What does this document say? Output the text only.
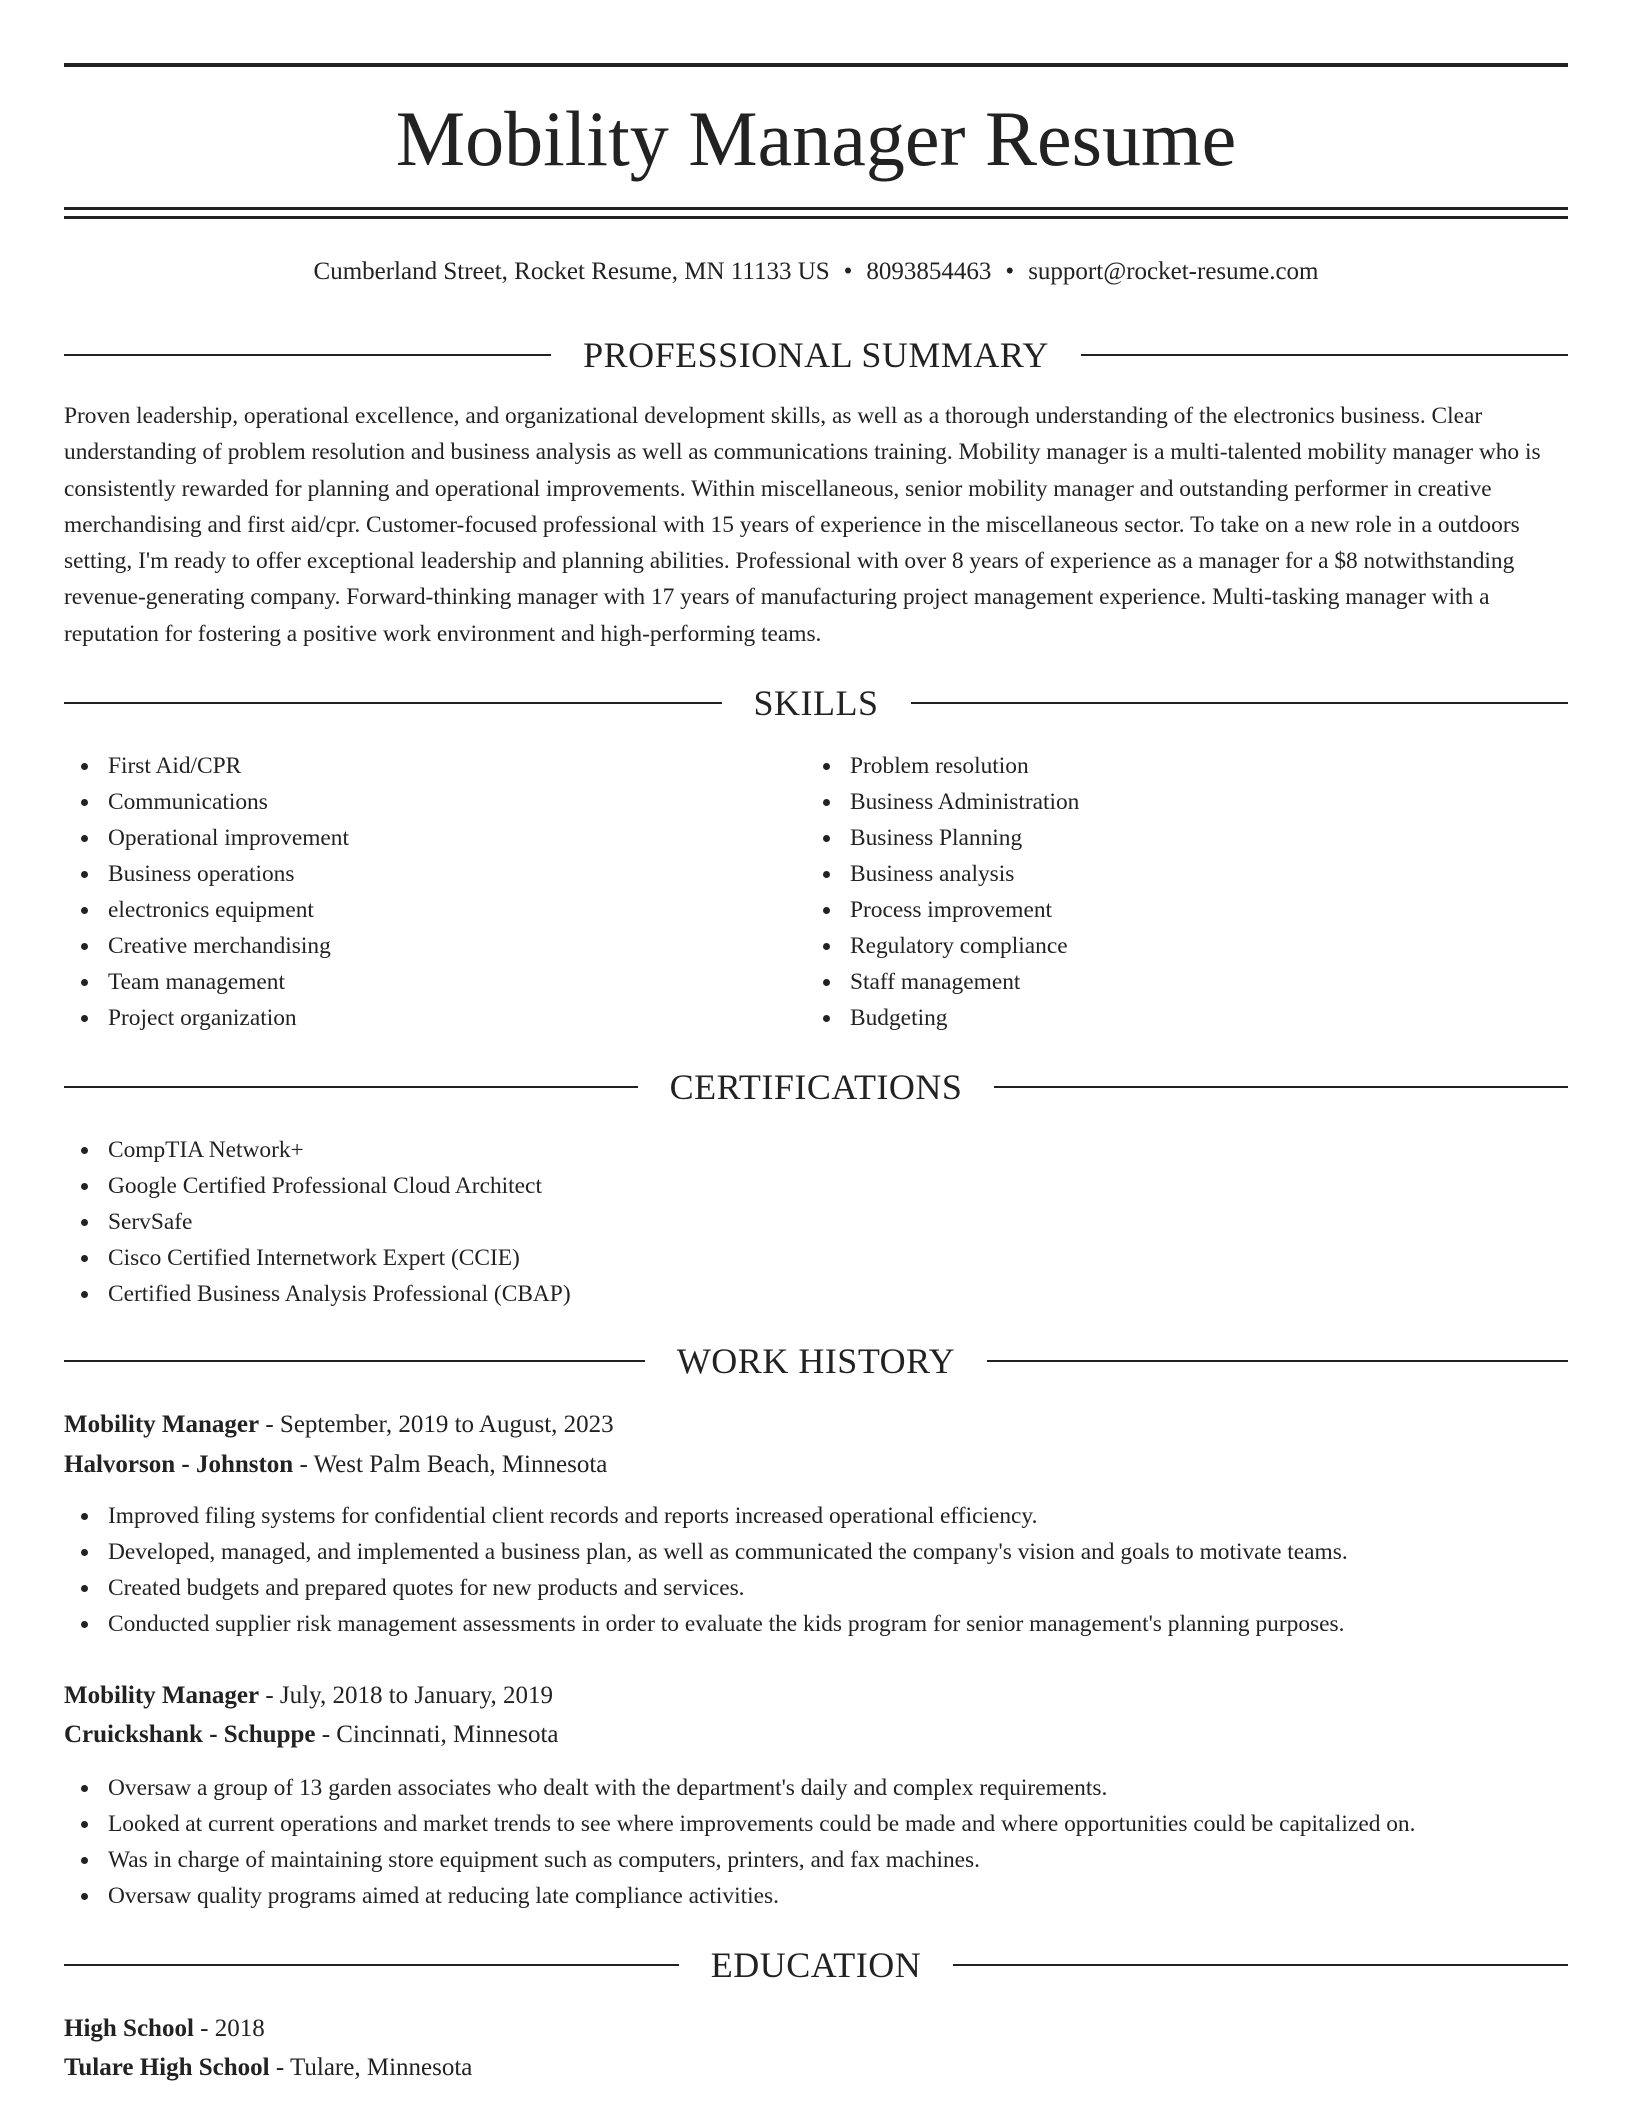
Mobility Manager Resume
Cumberland Street, Rocket Resume, MN 11133 US • 8093854463 • support@rocket-resume.com
PROFESSIONAL SUMMARY

Proven leadership, operational excellence, and organizational development skills, as well as a thorough understanding of the electronics business. Clear understanding of problem resolution and business analysis as well as communications training. Mobility manager is a multi-talented mobility manager who is consistently rewarded for planning and operational improvements. Within miscellaneous, senior mobility manager and outstanding performer in creative merchandising and first aid/cpr. Customer-focused professional with 15 years of experience in the miscellaneous sector. To take on a new role in a outdoors setting, I'm ready to offer exceptional leadership and planning abilities. Professional with over 8 years of experience as a manager for a $8 notwithstanding revenue-generating company. Forward-thinking manager with 17 years of manufacturing project management experience. Multi-tasking manager with a reputation for fostering a positive work environment and high-performing teams.

SKILLS
First Aid/CPR
Communications
Operational improvement
Business operations
electronics equipment
Creative merchandising
Team management
Project organization
Problem resolution
Business Administration
Business Planning
Business analysis
Process improvement
Regulatory compliance
Staff management
Budgeting
CERTIFICATIONS
CompTIA Network+
Google Certified Professional Cloud Architect
ServSafe
Cisco Certified Internetwork Expert (CCIE)
Certified Business Analysis Professional (CBAP)
WORK HISTORY
Mobility Manager - September, 2019 to August, 2023
Halvorson - Johnston - West Palm Beach, Minnesota
Improved filing systems for confidential client records and reports increased operational efficiency.
Developed, managed, and implemented a business plan, as well as communicated the company's vision and goals to motivate teams.
Created budgets and prepared quotes for new products and services.
Conducted supplier risk management assessments in order to evaluate the kids program for senior management's planning purposes.
Mobility Manager - July, 2018 to January, 2019
Cruickshank - Schuppe - Cincinnati, Minnesota
Oversaw a group of 13 garden associates who dealt with the department's daily and complex requirements.
Looked at current operations and market trends to see where improvements could be made and where opportunities could be capitalized on.
Was in charge of maintaining store equipment such as computers, printers, and fax machines.
Oversaw quality programs aimed at reducing late compliance activities.
EDUCATION
High School - 2018
Tulare High School - Tulare, Minnesota
